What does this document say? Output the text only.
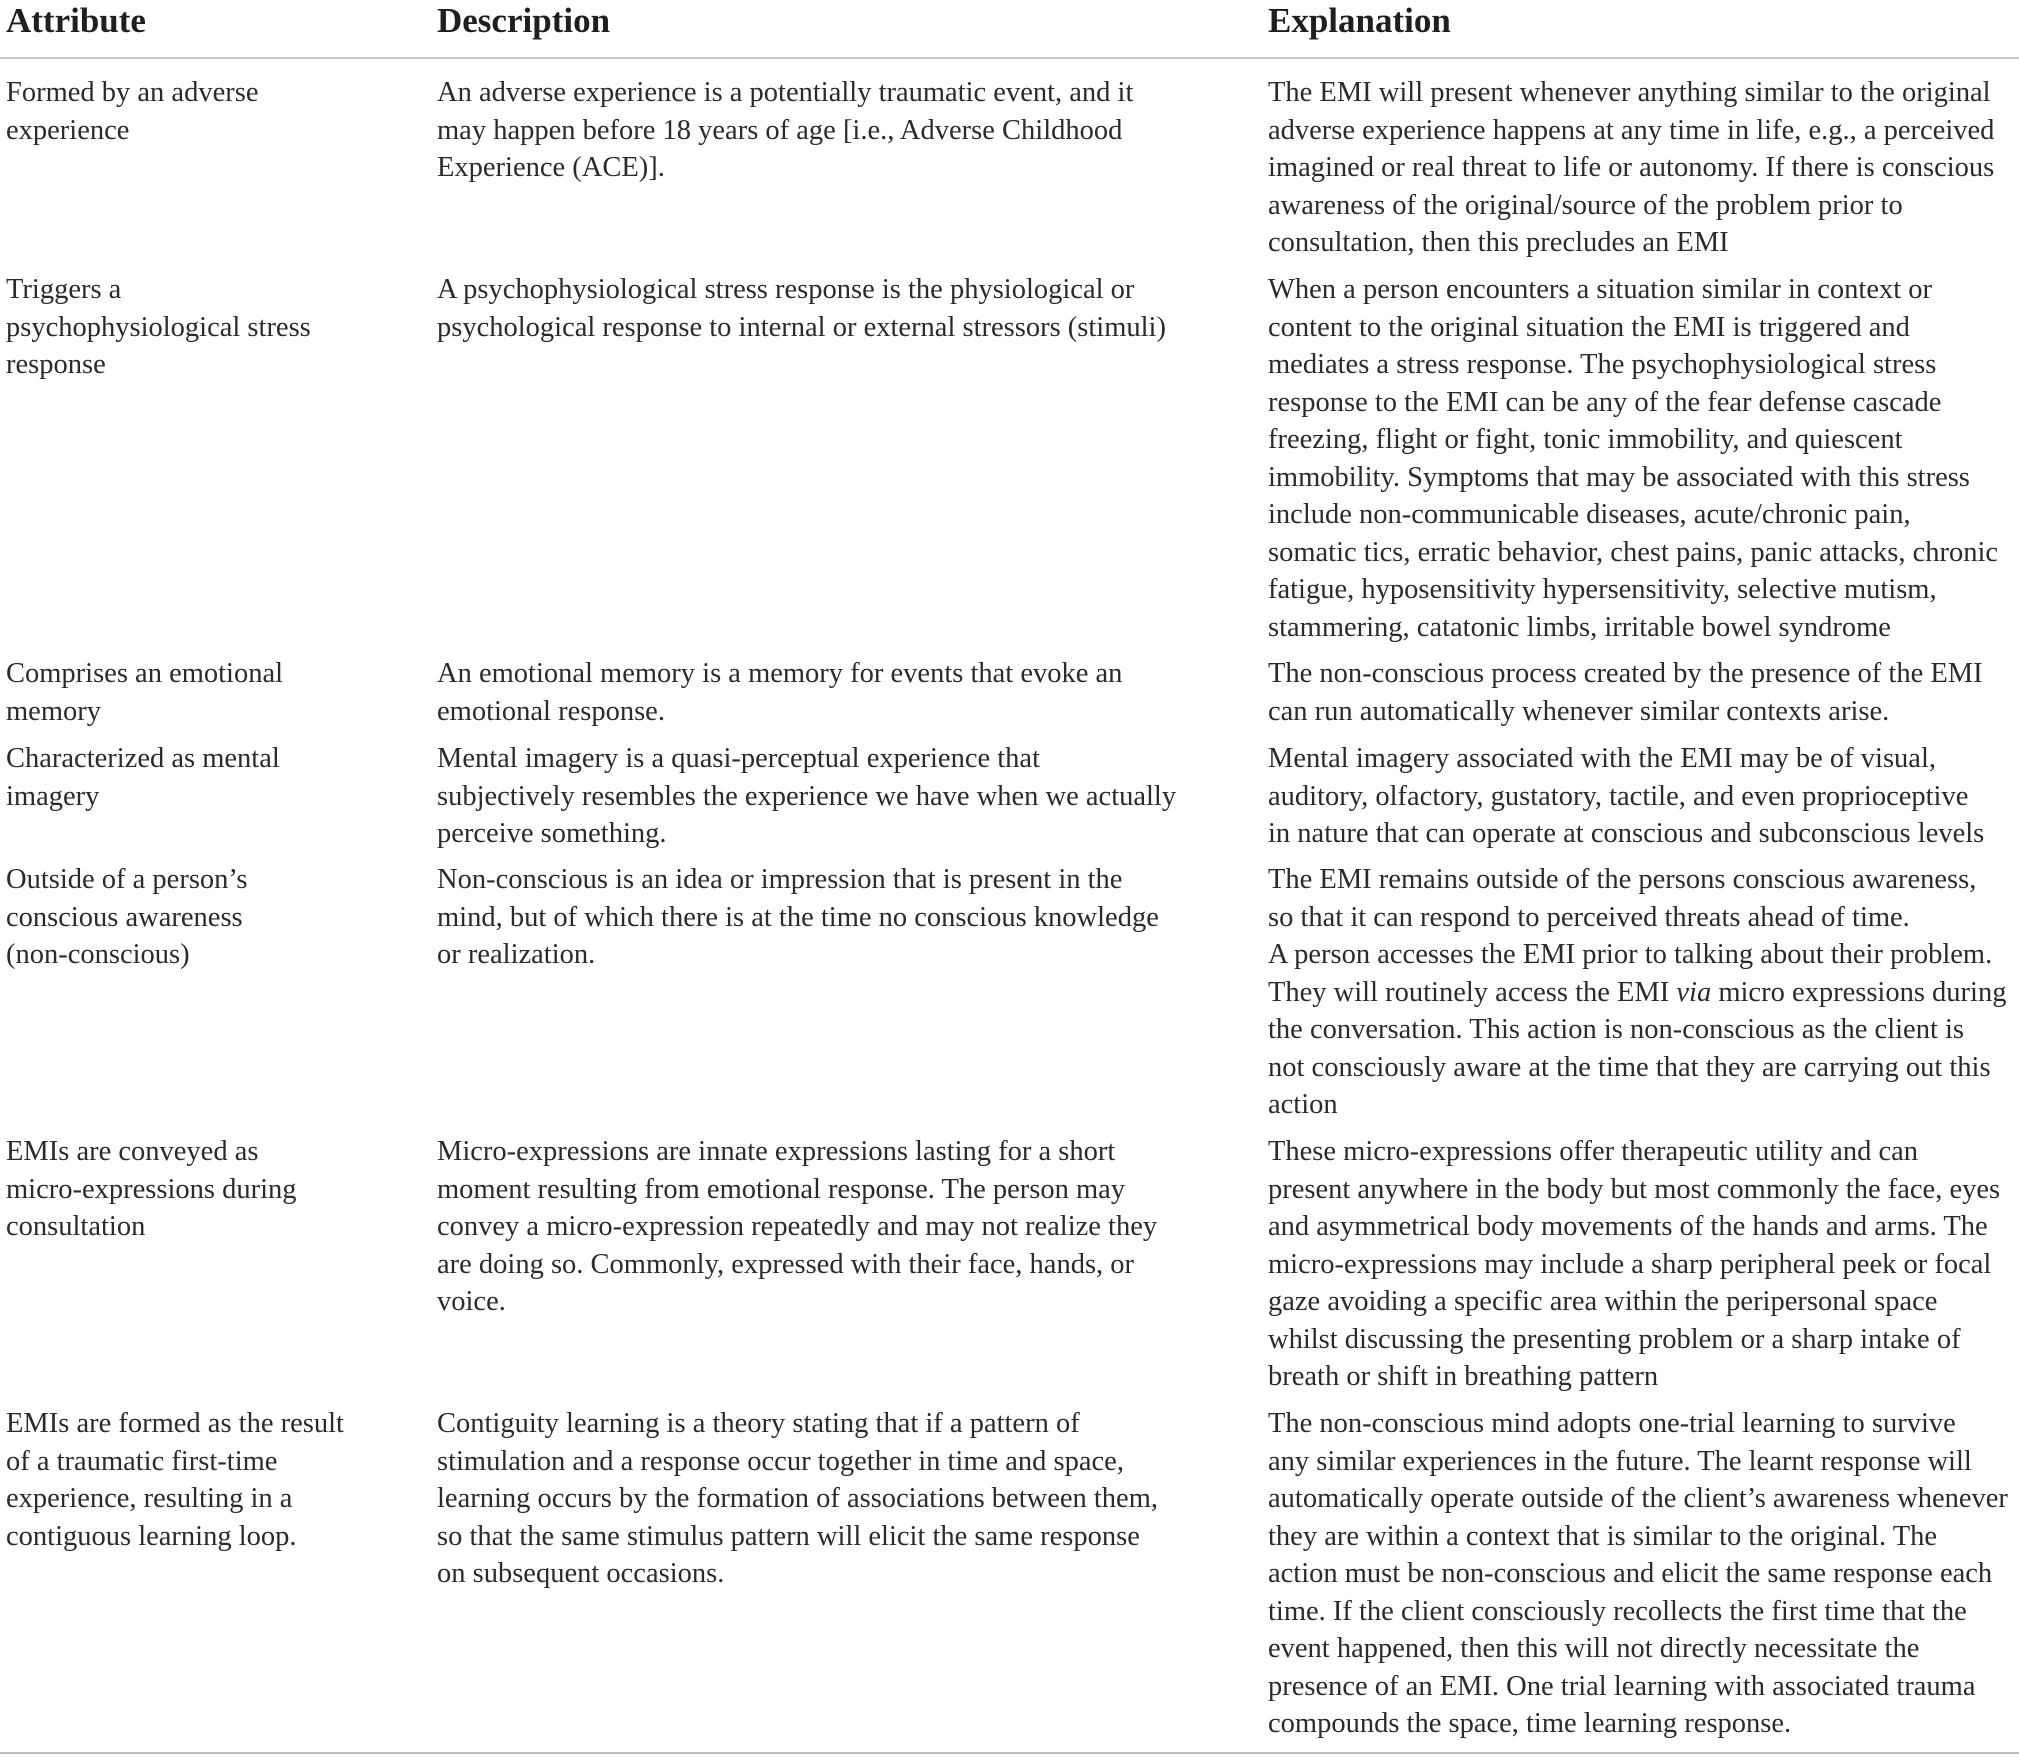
Attribute	Description	Explanation
Formed by an adverse
experience
An adverse experience is a potentially traumatic event, and it
may happen before 18 years of age [i.e., Adverse Childhood
Experience (ACE)].
The EMI will present whenever anything similar to the original
adverse experience happens at any time in life, e.g., a perceived
imagined or real threat to life or autonomy. If there is conscious
awareness of the original/source of the problem prior to
consultation, then this precludes an EMI
Triggers a
psychophysiological stress
response
A psychophysiological stress response is the physiological or
psychological response to internal or external stressors (stimuli)
When a person encounters a situation similar in context or
content to the original situation the EMI is triggered and
mediates a stress response. The psychophysiological stress
response to the EMI can be any of the fear defense cascade
freezing, flight or fight, tonic immobility, and quiescent
immobility. Symptoms that may be associated with this stress
include non-communicable diseases, acute/chronic pain,
somatic tics, erratic behavior, chest pains, panic attacks, chronic
fatigue, hyposensitivity hypersensitivity, selective mutism,
stammering, catatonic limbs, irritable bowel syndrome
Comprises an emotional
memory
An emotional memory is a memory for events that evoke an
emotional response.
The non-conscious process created by the presence of the EMI
can run automatically whenever similar contexts arise.
Characterized as mental
imagery
Mental imagery is a quasi-perceptual experience that
subjectively resembles the experience we have when we actually
perceive something.
Mental imagery associated with the EMI may be of visual,
auditory, olfactory, gustatory, tactile, and even proprioceptive
in nature that can operate at conscious and subconscious levels
Outside of a person’s
conscious awareness
(non-conscious)
Non-conscious is an idea or impression that is present in the
mind, but of which there is at the time no conscious knowledge
or realization.
The EMI remains outside of the persons conscious awareness,
so that it can respond to perceived threats ahead of time.
A person accesses the EMI prior to talking about their problem.
They will routinely access the EMI via micro expressions during
the conversation. This action is non-conscious as the client is
not consciously aware at the time that they are carrying out this
action
EMIs are conveyed as
micro-expressions during
consultation
Micro-expressions are innate expressions lasting for a short
moment resulting from emotional response. The person may
convey a micro-expression repeatedly and may not realize they
are doing so. Commonly, expressed with their face, hands, or
voice.
These micro-expressions offer therapeutic utility and can
present anywhere in the body but most commonly the face, eyes
and asymmetrical body movements of the hands and arms. The
micro-expressions may include a sharp peripheral peek or focal
gaze avoiding a specific area within the peripersonal space
whilst discussing the presenting problem or a sharp intake of
breath or shift in breathing pattern
EMIs are formed as the result
of a traumatic first-time
experience, resulting in a
contiguous learning loop.
Contiguity learning is a theory stating that if a pattern of
stimulation and a response occur together in time and space,
learning occurs by the formation of associations between them,
so that the same stimulus pattern will elicit the same response
on subsequent occasions.
The non-conscious mind adopts one-trial learning to survive
any similar experiences in the future. The learnt response will
automatically operate outside of the client’s awareness whenever
they are within a context that is similar to the original. The
action must be non-conscious and elicit the same response each
time. If the client consciously recollects the first time that the
event happened, then this will not directly necessitate the
presence of an EMI. One trial learning with associated trauma
compounds the space, time learning response.
